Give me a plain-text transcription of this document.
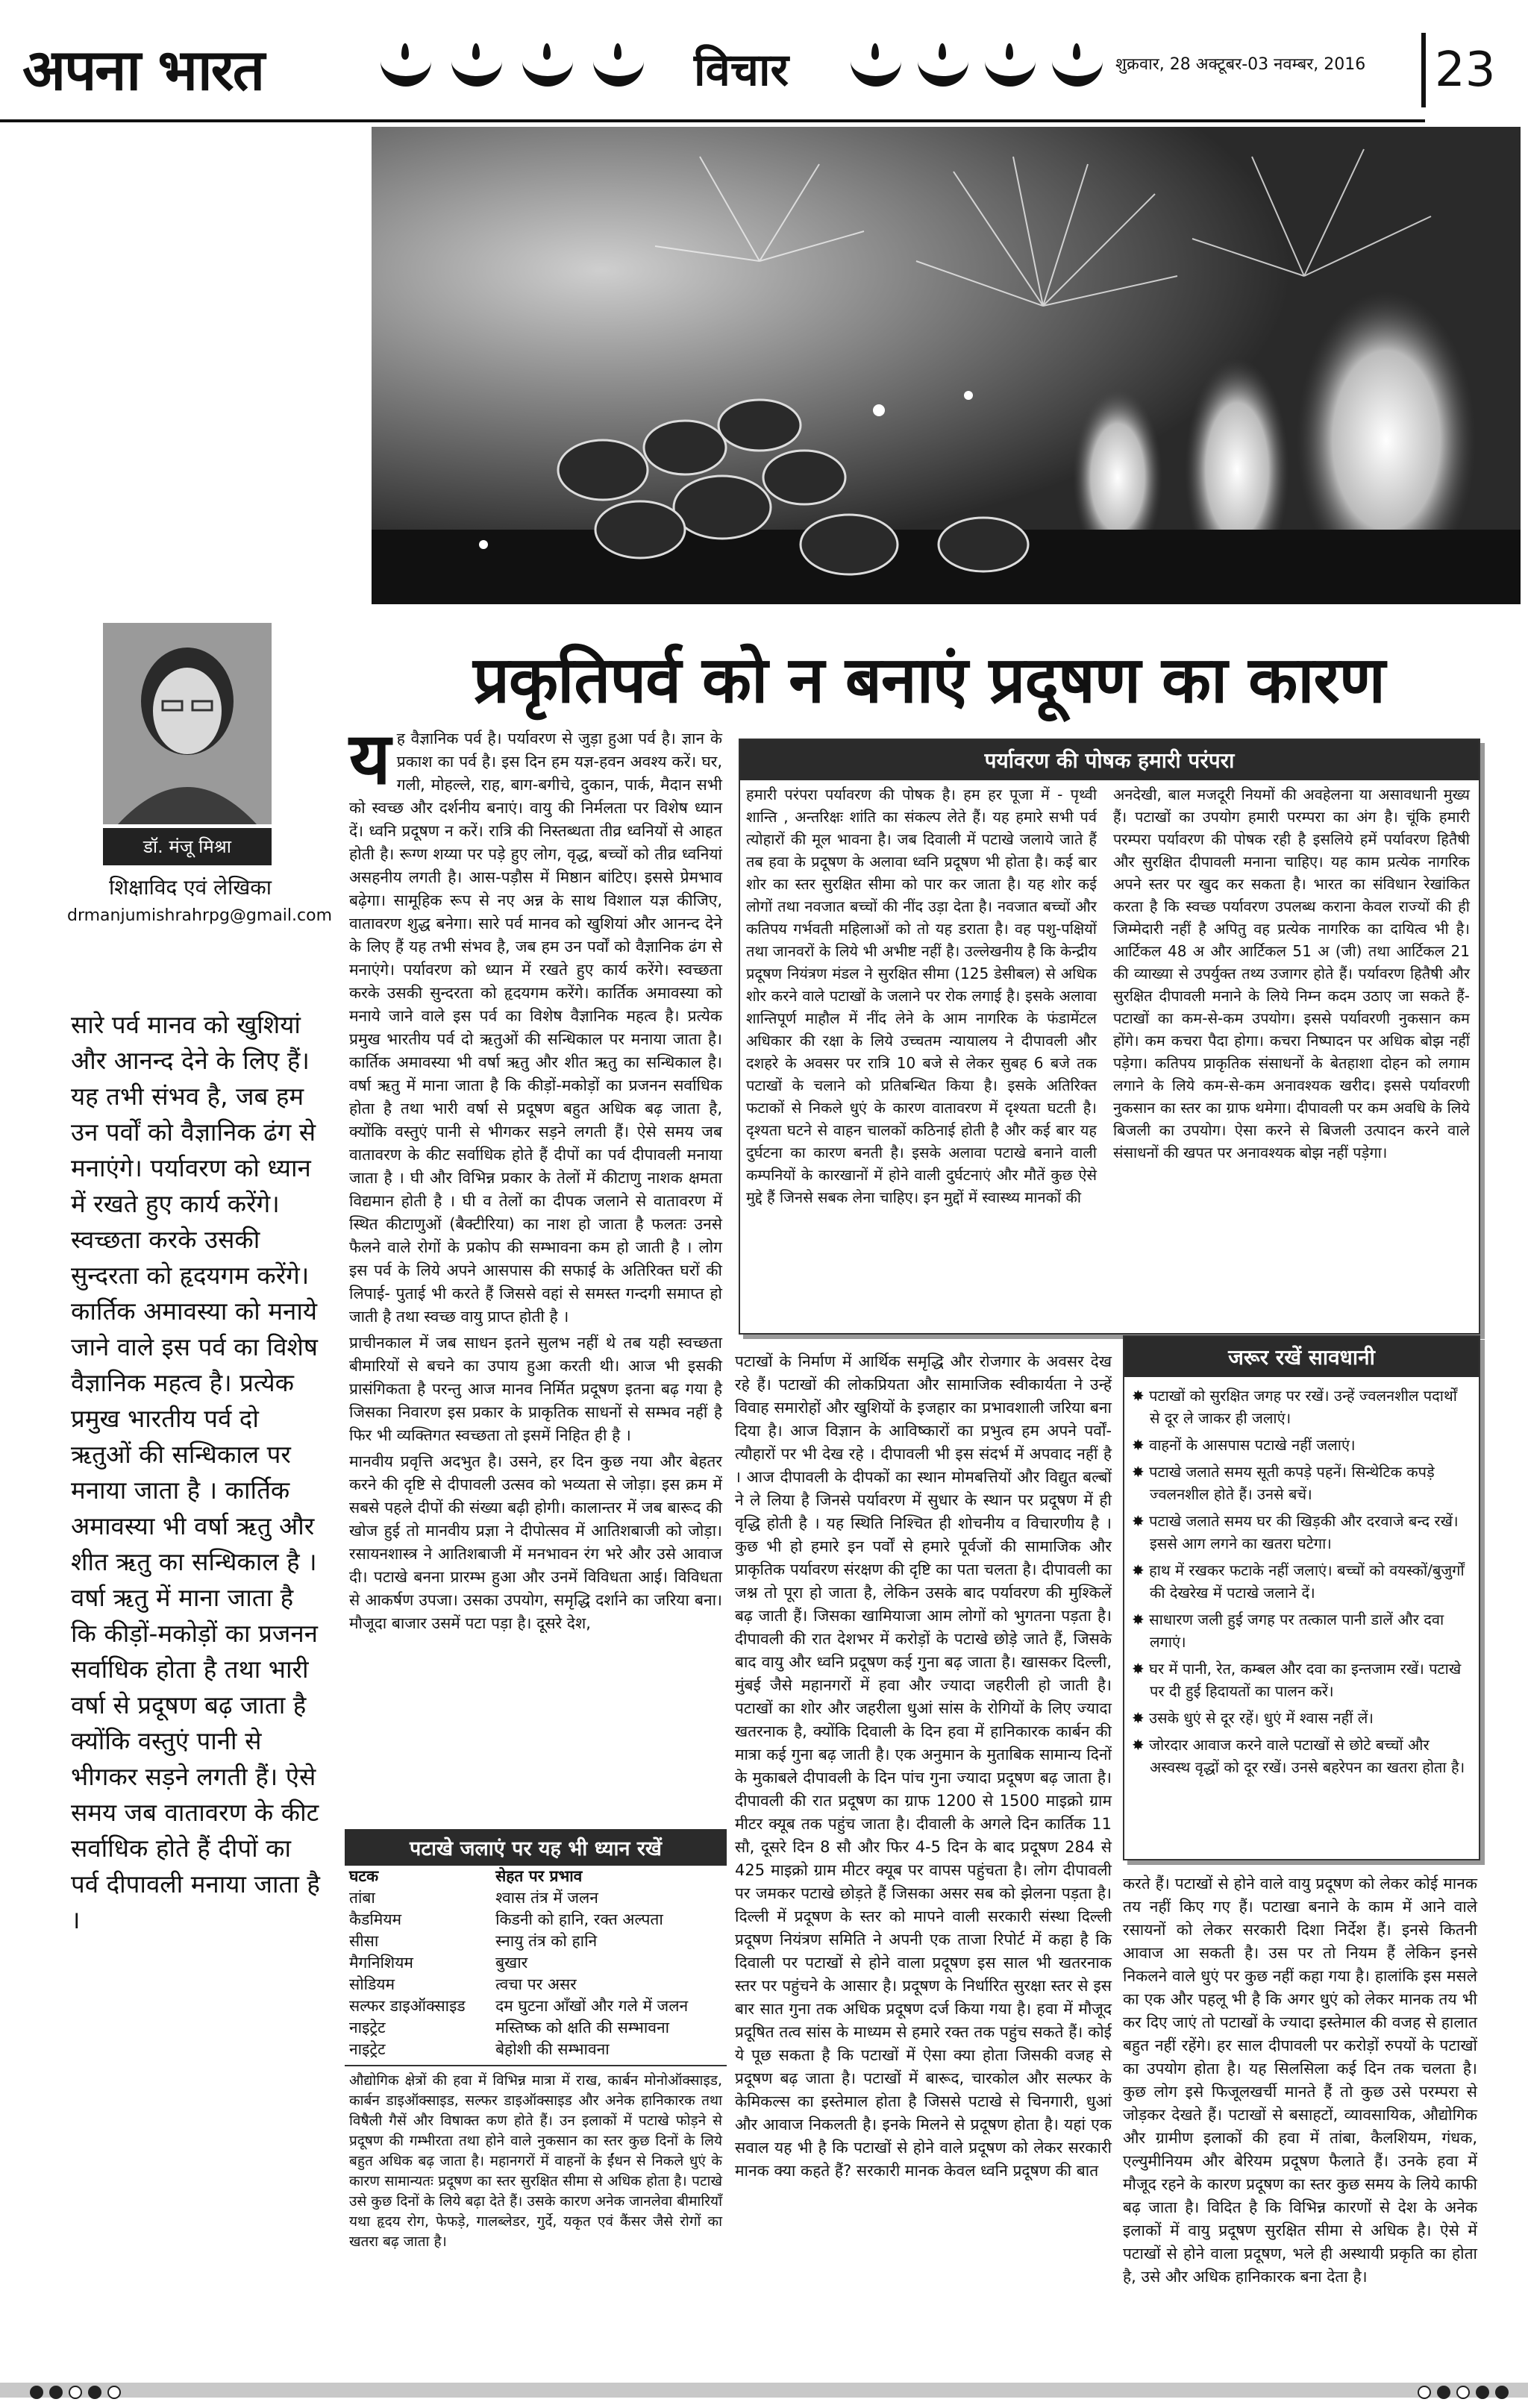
अपना भारत	विचार	शुक्रवार, 28 अक्टूबर-03 नवम्बर, 2016 23
डॉ. मंजू मिश्रा
शिक्षाविद एवं लेखिका
drmanjumishrahrpg@gmail.com
सारे पर्व मानव को खुशियां और आनन्द देने के लिए हैं। यह तभी संभव है, जब हम उन पर्वों को वैज्ञानिक ढंग से मनाएंगे। पर्यावरण को ध्यान में रखते हुए कार्य करेंगे। स्वच्छता करके उसकी सुन्दरता को हृदयगम करेंगे। कार्तिक अमावस्या को मनाये जाने वाले इस पर्व का विशेष वैज्ञानिक महत्व है। प्रत्येक प्रमुख भारतीय पर्व दो ऋतुओं की सन्धिकाल पर मनाया जाता है । कार्तिक अमावस्या भी वर्षा ऋतु और शीत ऋतु का सन्धिकाल है । वर्षा ऋतु में माना जाता है कि कीड़ों-मकोड़ों का प्रजनन सर्वाधिक होता है तथा भारी वर्षा से प्रदूषण बढ़ जाता है क्योंकि वस्तुएं पानी से भीगकर सड़ने लगती हैं। ऐसे समय जब वातावरण के कीट सर्वाधिक होते हैं दीपों का पर्व दीपावली मनाया जाता है ।
प्रकृतिपर्व को न बनाएं प्रदूषण का कारण
य ह वैज्ञानिक पर्व है। पर्यावरण से जुड़ा हुआ पर्व है। ज्ञान के प्रकाश का पर्व है। इस दिन हम यज्ञ-हवन अवश्य करें। घर, गली, मोहल्ले, राह, बाग-बगीचे, दुकान, पार्क, मैदान सभी को स्वच्छ और दर्शनीय बनाएं। वायु की निर्मलता पर विशेष ध्यान दें। ध्वनि प्रदूषण न करें। रात्रि की निस्तब्धता तीव्र ध्वनियों से आहत होती है। रूग्ण शय्या पर पड़े हुए लोग, वृद्ध, बच्चों को तीव्र ध्वनियां असहनीय लगती है। आस-पड़ौस में मिष्ठान बांटिए। इससे प्रेमभाव बढ़ेगा। सामूहिक रूप से नए अन्न के साथ विशाल यज्ञ कीजिए, वातावरण शुद्ध बनेगा। सारे पर्व मानव को खुशियां और आनन्द देने के लिए हैं यह तभी संभव है, जब हम उन पर्वों को वैज्ञानिक ढंग से मनाएंगे। पर्यावरण को ध्यान में रखते हुए कार्य करेंगे। स्वच्छता करके उसकी सुन्दरता को हृदयगम करेंगे। कार्तिक अमावस्या को मनाये जाने वाले इस पर्व का विशेष वैज्ञानिक महत्व है। प्रत्येक प्रमुख भारतीय पर्व दो ऋतुओं की सन्धिकाल पर मनाया जाता है। कार्तिक अमावस्या भी वर्षा ऋतु और शीत ऋतु का सन्धिकाल है। वर्षा ऋतु में माना जाता है कि कीड़ों-मकोड़ों का प्रजनन सर्वाधिक होता है तथा भारी वर्षा से प्रदूषण बहुत अधिक बढ़ जाता है, क्योंकि वस्तुएं पानी से भीगकर सड़ने लगती हैं। ऐसे समय जब वातावरण के कीट सर्वाधिक होते हैं दीपों का पर्व दीपावली मनाया जाता है । घी और विभिन्न प्रकार के तेलों में कीटाणु नाशक क्षमता विद्यमान होती है । घी व तेलों का दीपक जलाने से वातावरण में स्थित कीटाणुओं (बैक्टीरिया) का नाश हो जाता है फलतः उनसे फैलने वाले रोगों के प्रकोप की सम्भावना कम हो जाती है । लोग इस पर्व के लिये अपने आसपास की सफाई के अतिरिक्त घरों की लिपाई- पुताई भी करते हैं जिससे वहां से समस्त गन्दगी समाप्त हो जाती है तथा स्वच्छ वायु प्राप्त होती है ।

प्राचीनकाल में जब साधन इतने सुलभ नहीं थे तब यही स्वच्छता बीमारियों से बचने का उपाय हुआ करती थी। आज भी इसकी प्रासंगिकता है परन्तु आज मानव निर्मित प्रदूषण इतना बढ़ गया है जिसका निवारण इस प्रकार के प्राकृतिक साधनों से सम्भव नहीं है फिर भी व्यक्तिगत स्वच्छता तो इसमें निहित ही है ।

मानवीय प्रवृत्ति अदभुत है। उसने, हर दिन कुछ नया और बेहतर करने की दृष्टि से दीपावली उत्सव को भव्यता से जोड़ा। इस क्रम में सबसे पहले दीपों की संख्या बढ़ी होगी। कालान्तर में जब बारूद की खोज हुई तो मानवीय प्रज्ञा ने दीपोत्सव में आतिशबाजी को जोड़ा। रसायनशास्त्र ने आतिशबाजी में मनभावन रंग भरे और उसे आवाज दी। पटाखे बनना प्रारम्भ हुआ और उनमें विविधता आई। विविधता से आकर्षण उपजा। उसका उपयोग, समृद्धि दर्शाने का जरिया बना। मौजूदा बाजार उसमें पटा पड़ा है। दूसरे देश,

पटाखे जलाएं पर यह भी ध्यान रखें
घटक	सेहत पर प्रभाव
तांबा	श्वास तंत्र में जलन
कैडमियम	किडनी को हानि, रक्त अल्पता
सीसा	स्नायु तंत्र को हानि
मैगनिशियम	बुखार
सोडियम	त्वचा पर असर
सल्फर डाइऑक्साइड	दम घुटना आँखों और गले में जलन
नाइट्रेट	मस्तिष्क को क्षति की सम्भावना
नाइट्रेट	बेहोशी की सम्भावना
औद्योगिक क्षेत्रों की हवा में विभिन्न मात्रा में राख, कार्बन मोनोऑक्साइड, कार्बन डाइऑक्साइड, सल्फर डाइऑक्साइड और अनेक हानिकारक तथा विषैली गैसें और विषाक्त कण होते हैं। उन इलाकों में पटाखे फोड़ने से प्रदूषण की गम्भीरता तथा होने वाले नुकसान का स्तर कुछ दिनों के लिये बहुत अधिक बढ़ जाता है। महानगरों में वाहनों के ईंधन से निकले धुएं के कारण सामान्यतः प्रदूषण का स्तर सुरक्षित सीमा से अधिक होता है। पटाखे उसे कुछ दिनों के लिये बढ़ा देते हैं। उसके कारण अनेक जानलेवा बीमारियाँ यथा हृदय रोग, फेफड़े, गालब्लेडर, गुर्दे, यकृत एवं कैंसर जैसे रोगों का खतरा बढ़ जाता है।
पर्यावरण की पोषक हमारी परंपरा
हमारी परंपरा पर्यावरण की पोषक है। हम हर पूजा में - पृथ्वी शान्ति , अन्तरिक्षः शांति का संकल्प लेते हैं। यह हमारे सभी पर्व त्योहारों की मूल भावना है। जब दिवाली में पटाखे जलाये जाते हैं तब हवा के प्रदूषण के अलावा ध्वनि प्रदूषण भी होता है। कई बार शोर का स्तर सुरक्षित सीमा को पार कर जाता है। यह शोर कई लोगों तथा नवजात बच्चों की नींद उड़ा देता है। नवजात बच्चों और कतिपय गर्भवती महिलाओं को तो यह डराता है। वह पशु-पक्षियों तथा जानवरों के लिये भी अभीष्ट नहीं है। उल्लेखनीय है कि केन्द्रीय प्रदूषण नियंत्रण मंडल ने सुरक्षित सीमा (125 डेसीबल) से अधिक शोर करने वाले पटाखों के जलाने पर रोक लगाई है। इसके अलावा शान्तिपूर्ण माहौल में नींद लेने के आम नागरिक के फंडामेंटल अधिकार की रक्षा के लिये उच्चतम न्यायालय ने दीपावली और दशहरे के अवसर पर रात्रि 10 बजे से लेकर सुबह 6 बजे तक पटाखों के चलाने को प्रतिबन्धित किया है। इसके अतिरिक्त फटाकों से निकले धुएं के कारण वातावरण में दृश्यता घटती है। दृश्यता घटने से वाहन चालकों कठिनाई होती है और कई बार यह दुर्घटना का कारण बनती है। इसके अलावा पटाखे बनाने वाली कम्पनियों के कारखानों में होने वाली दुर्घटनाएं और मौतें कुछ ऐसे मुद्दे हैं जिनसे सबक लेना चाहिए। इन मुद्दों में स्वास्थ्य मानकों की
अनदेखी, बाल मजदूरी नियमों की अवहेलना या असावधानी मुख्य हैं। पटाखों का उपयोग हमारी परम्परा का अंग है। चूंकि हमारी परम्परा पर्यावरण की पोषक रही है इसलिये हमें पर्यावरण हितैषी और सुरक्षित दीपावली मनाना चाहिए। यह काम प्रत्येक नागरिक अपने स्तर पर खुद कर सकता है। भारत का संविधान रेखांकित करता है कि स्वच्छ पर्यावरण उपलब्ध कराना केवल राज्यों की ही जिम्मेदारी नहीं है अपितु वह प्रत्येक नागरिक का दायित्व भी है। आर्टिकल 48 अ और आर्टिकल 51 अ (जी) तथा आर्टिकल 21 की व्याख्या से उपर्युक्त तथ्य उजागर होते हैं। पर्यावरण हितैषी और सुरक्षित दीपावली मनाने के लिये निम्न कदम उठाए जा सकते हैं- पटाखों का कम-से-कम उपयोग। इससे पर्यावरणी नुकसान कम होंगे। कम कचरा पैदा होगा। कचरा निष्पादन पर अधिक बोझ नहीं पड़ेगा। कतिपय प्राकृतिक संसाधनों के बेतहाशा दोहन को लगाम लगाने के लिये कम-से-कम अनावश्यक खरीद। इससे पर्यावरणी नुकसान का स्तर का ग्राफ थमेगा। दीपावली पर कम अवधि के लिये बिजली का उपयोग। ऐसा करने से बिजली उत्पादन करने वाले संसाधनों की खपत पर अनावश्यक बोझ नहीं पड़ेगा।
पटाखों के निर्माण में आर्थिक समृद्धि और रोजगार के अवसर देख रहे हैं। पटाखों की लोकप्रियता और सामाजिक स्वीकार्यता ने उन्हें विवाह समारोहों और खुशियों के इजहार का प्रभावशाली जरिया बना दिया है। आज विज्ञान के आविष्कारों का प्रभुत्व हम अपने पर्वों-त्यौहारों पर भी देख रहे । दीपावली भी इस संदर्भ में अपवाद नहीं है । आज दीपावली के दीपकों का स्थान मोमबत्तियों और विद्युत बल्बों ने ले लिया है जिनसे पर्यावरण में सुधार के स्थान पर प्रदूषण में ही वृद्धि होती है । यह स्थिति निश्चित ही शोचनीय व विचारणीय है । कुछ भी हो हमारे इन पर्वों से हमारे पूर्वजों की सामाजिक और प्राकृतिक पर्यावरण संरक्षण की दृष्टि का पता चलता है। दीपावली का जश्न तो पूरा हो जाता है, लेकिन उसके बाद पर्यावरण की मुश्किलें बढ़ जाती हैं। जिसका खामियाजा आम लोगों को भुगतना पड़ता है। दीपावली की रात देशभर में करोड़ों के पटाखे छोड़े जाते हैं, जिसके बाद वायु और ध्वनि प्रदूषण कई गुना बढ़ जाता है। खासकर दिल्ली, मुंबई जैसे महानगरों में हवा और ज्यादा जहरीली हो जाती है। पटाखों का शोर और जहरीला धुआं सांस के रोगियों के लिए ज्यादा खतरनाक है, क्योंकि दिवाली के दिन हवा में हानिकारक कार्बन की मात्रा कई गुना बढ़ जाती है। एक अनुमान के मुताबिक सामान्य दिनों के मुकाबले दीपावली के दिन पांच गुना ज्यादा प्रदूषण बढ़ जाता है। दीपावली की रात प्रदूषण का ग्राफ 1200 से 1500 माइक्रो ग्राम मीटर क्यूब तक पहुंच जाता है। दीवाली के अगले दिन कार्तिक 11 सौ, दूसरे दिन 8 सौ और फिर 4-5 दिन के बाद प्रदूषण 284 से 425 माइक्रो ग्राम मीटर क्यूब पर वापस पहुंचता है। लोग दीपावली पर जमकर पटाखे छोड़ते हैं जिसका असर सब को झेलना पड़ता है। दिल्ली में प्रदूषण के स्तर को मापने वाली सरकारी संस्था दिल्ली प्रदूषण नियंत्रण समिति ने अपनी एक ताजा रिपोर्ट में कहा है कि दिवाली पर पटाखों से होने वाला प्रदूषण इस साल भी खतरनाक स्तर पर पहुंचने के आसार है। प्रदूषण के निर्धारित सुरक्षा स्तर से इस बार सात गुना तक अधिक प्रदूषण दर्ज किया गया है। हवा में मौजूद प्रदूषित तत्व सांस के माध्यम से हमारे रक्त तक पहुंच सकते हैं। कोई ये पूछ सकता है कि पटाखों में ऐसा क्या होता जिसकी वजह से प्रदूषण बढ़ जाता है। पटाखों में बारूद, चारकोल और सल्फर के केमिकल्स का इस्तेमाल होता है जिससे पटाखे से चिनगारी, धुआं और आवाज निकलती है। इनके मिलने से प्रदूषण होता है। यहां एक सवाल यह भी है कि पटाखों से होने वाले प्रदूषण को लेकर सरकारी मानक क्या कहते हैं? सरकारी मानक केवल ध्वनि प्रदूषण की बात
जरूर रखें सावधानी
✸ पटाखों को सुरक्षित जगह पर रखें। उन्हें ज्वलनशील पदार्थों से दूर ले जाकर ही जलाएं।
✸ वाहनों के आसपास पटाखे नहीं जलाएं।
✸ पटाखे जलाते समय सूती कपड़े पहनें। सिन्थेटिक कपड़े ज्वलनशील होते हैं। उनसे बचें।
✸ पटाखे जलाते समय घर की खिड़की और दरवाजे बन्द रखें। इससे आग लगने का खतरा घटेगा।
✸ हाथ में रखकर फटाके नहीं जलाएं। बच्चों को वयस्कों/बुजुर्गों की देखरेख में पटाखे जलाने दें।
✸ साधारण जली हुई जगह पर तत्काल पानी डालें और दवा लगाएं।
✸ घर में पानी, रेत, कम्बल और दवा का इन्तजाम रखें। पटाखे पर दी हुई हिदायतों का पालन करें।
✸ उसके धुएं से दूर रहें। धुएं में श्वास नहीं लें।
✸ जोरदार आवाज करने वाले पटाखों से छोटे बच्चों और अस्वस्थ वृद्धों को दूर रखें। उनसे बहरेपन का खतरा होता है।
करते हैं। पटाखों से होने वाले वायु प्रदूषण को लेकर कोई मानक तय नहीं किए गए हैं। पटाखा बनाने के काम में आने वाले रसायनों को लेकर सरकारी दिशा निर्देश हैं। इनसे कितनी आवाज आ सकती है। उस पर तो नियम हैं लेकिन इनसे निकलने वाले धुएं पर कुछ नहीं कहा गया है। हालांकि इस मसले का एक और पहलू भी है कि अगर धुएं को लेकर मानक तय भी कर दिए जाएं तो पटाखों के ज्यादा इस्तेमाल की वजह से हालात बहुत नहीं रहेंगे। हर साल दीपावली पर करोड़ों रुपयों के पटाखों का उपयोग होता है। यह सिलसिला कई दिन तक चलता है। कुछ लोग इसे फिजूलखर्ची मानते हैं तो कुछ उसे परम्परा से जोड़कर देखते हैं। पटाखों से बसाहटों, व्यावसायिक, औद्योगिक और ग्रामीण इलाकों की हवा में तांबा, कैलशियम, गंधक, एल्युमीनियम और बेरियम प्रदूषण फैलाते हैं। उनके हवा में मौजूद रहने के कारण प्रदूषण का स्तर कुछ समय के लिये काफी बढ़ जाता है। विदित है कि विभिन्न कारणों से देश के अनेक इलाकों में वायु प्रदूषण सुरक्षित सीमा से अधिक है। ऐसे में पटाखों से होने वाला प्रदूषण, भले ही अस्थायी प्रकृति का होता है, उसे और अधिक हानिकारक बना देता है।
